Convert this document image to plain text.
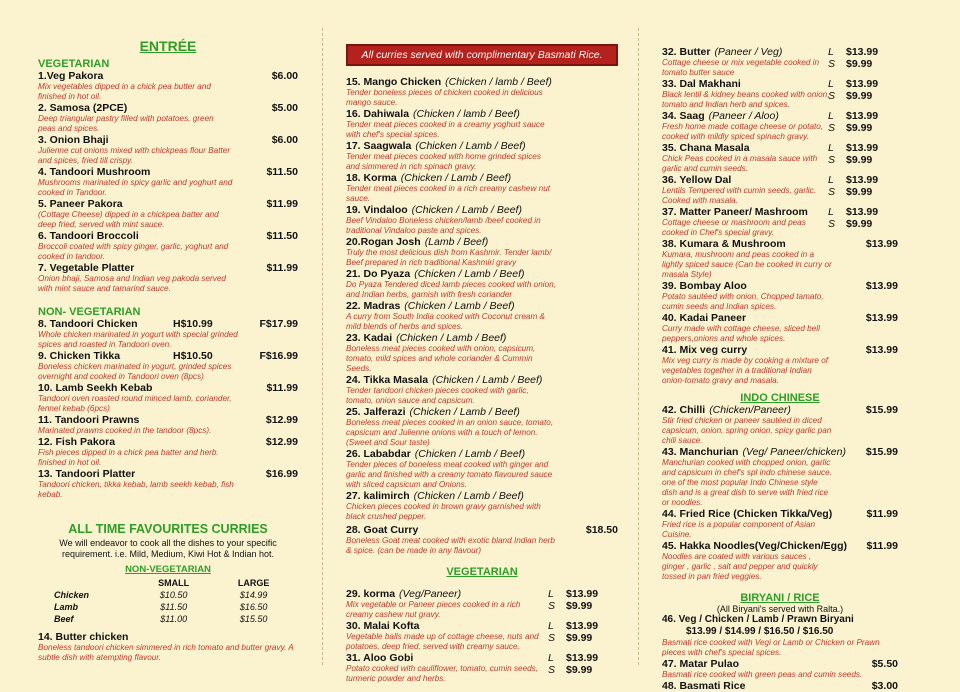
ENTRÉE
VEGETARIAN
1.Veg Pakora
Mix vegetables dipped in a chick pea butter and finished in hot oil.
$6.00
2. Samosa (2PCE)
Deep triangular pastry filled with potatoes, green peas and spices.
$5.00
3. Onion Bhaji
Julienne cut onions mixed with chickpeas flour Batter and spices, fried till crispy.
$6.00
4. Tandoori Mushroom
Mushrooms marinated in spicy garlic and yoghurt and cooked in Tandoor.
$11.50
5. Paneer Pakora
(Cottage Cheese) dipped in a chickpea batter and deep fried, served with mint sauce.
$11.99
6. Tandoori Broccoli
Broccoli coated with spicy ginger, garlic, yoghurt and cooked in tandoor.
$11.50
7. Vegetable Platter
Onion bhaji, Samosa and Indian veg pakoda served with mint sauce and tamarind sauce.
$11.99
NON- VEGETARIAN
8. Tandoori Chicken	H$10.99
Whole chicken marinated in yogurt with special grinded spices and roasted in Tandoori oven.
F$17.99
9. Chicken Tikka	H$10.50
Boneless chicken marinated in yogurt, grinded spices overnight and cooked in Tandoori oven (8pcs)
F$16.99
10. Lamb Seekh Kebab
Tandoori oven roasted round minced lamb, coriander, fennel kebab (6pcs)
$11.99
11. Tandoori Prawns
Marinated prawns cooked in the tandoor (8pcs).
$12.99
12. Fish Pakora
Fish pieces dipped in a chick pea batter and herb. finished in hot oil.
$12.99
13. Tandoori Platter
Tandoori chicken, tikka kebab, lamb seekh kebab, fish kebab.
$16.99
ALL TIME FAVOURITES CURRIES
We will endeavor to cook all the dishes to your specific requirement. i.e. Mild, Medium, Kiwi Hot & Indian hot.
NON-VEGETARIAN
	SMALL	LARGE
Chicken	$10.50	$14.99
Lamb	$11.50	$16.50
Beef	$11.00	$15.50
14. Butter chicken
Boneless tandoori chicken simmered in rich tomato and butter gravy. A subtle dish with atempting flavour.
All curries served with complimentary Basmati Rice.
15. Mango Chicken (Chicken / lamb / Beef)
Tender boneless pieces of chicken cooked in delicious mango sauce.
16. Dahiwala (Chicken / lamb / Beef)
Tender meat pieces cooked in a creamy yoghurt sauce with chef's special spices.
17. Saagwala (Chicken / Lamb / Beef)
Tender meat pieces cooked with home grinded spices and simmered in rich spinach gravy.
18. Korma (Chicken / Lamb / Beef)
Tender meat pieces cooked in a rich creamy cashew nut sauce.
19. Vindaloo (Chicken / Lamb / Beef)
Beef Vindaloo Boneless chicken/lamb /beef cooked in traditional Vindaloo paste and spices.
20.Rogan Josh (Lamb / Beef)
Truly the most delicious dish from Kashmir. Tender lamb/ Beef prepared in rich traditional Kashmiri gravy
21. Do Pyaza (Chicken / Lamb / Beef)
Do Pyaza Tendered diced lamb pieces cooked with onion, and Indian herbs, garnish with fresh coriander
22. Madras (Chicken / Lamb / Beef)
A curry from South India cooked with Coconut cream & mild blends of herbs and spices.
23. Kadai (Chicken / Lamb / Beef)
Boneless meat pieces cooked with onion, capsicum, tomato, mild spices and whole coriander & Cummin Seeds.
24. Tikka Masala (Chicken / Lamb / Beef)
Tender tandoori chicken pieces cooked with garlic, tomato, onion sauce and capsicum.
25. Jalferazi (Chicken / Lamb / Beef)
Boneless meat pieces cooked in an onion sauce, tomato, capsicum and Julienne onions with a touch of lemon. (Sweet and Sour taste)
26. Lababdar (Chicken / Lamb / Beef)
Tender pieces of boneless meat cooked with ginger and garlic and finished with a creamy tomato flavoured sauce with sliced capsicum and Onions.
27. kalimirch (Chicken / Lamb / Beef)
Chicken pieces cooked in brown gravy garnished with black crushed pepper.
28. Goat Curry
Boneless Goat meat cooked with exotic bland Indian herb & spice. (can be made in any flavour)
$18.50
VEGETARIAN
29. korma (Veg/Paneer)
Mix vegetable or Paneer pieces cooked in a rich creamy cashew nut gravy.
L $13.99
S $9.99
30. Malai Kofta
Vegetable balls made up of cottage cheese, nuts and potatoes, deep fried, served with creamy sauce.
L $13.99
S $9.99
31. Aloo Gobi
Potato cooked with cauliflower, tomato, cumin seeds, turmeric powder and herbs.
L $13.99
S $9.99
32. Butter (Paneer / Veg)
Cottage cheese or mix vegetable cooked in tomato butter sauce
L $13.99
S $9.99
33. Dal Makhani
Black lentil & kidney beans cooked with onion, tomato and Indian herb and spices.
L $13.99
S $9.99
34. Saag (Paneer / Aloo)
Fresh home made cottage cheese or potato, cooked with mildly spiced spinach gravy.
L $13.99
S $9.99
35. Chana Masala
Chick Peas cooked in a masala sauce with garlic and cumin seeds.
L $13.99
S $9.99
36. Yellow Dal
Lentils Tempered with cumin seeds, garlic. Cooked with masala.
L $13.99
S $9.99
37. Matter Paneer/ Mashroom
Cottage cheese or mashroom and peas cooked in Chef's special gravy.
L $13.99
S $9.99
38. Kumara & Mushroom
Kumara, mushroom and peas cooked in a lightly spiced sauce (Can be cooked in curry or masala Style)
$13.99
39. Bombay Aloo
Potato sautéed with onion, Chopped tamato, cumin seeds and Indian spices.
$13.99
40. Kadai Paneer
Curry made with cottage cheese, sliced bell peppers,onions and whole spices.
$13.99
41. Mix veg curry
Mix veg curry is made by cooking a mixture of vegetables together in a traditional Indian onion-tomato gravy and masala.
$13.99
INDO CHINESE
42. Chilli (Chicken/Paneer)
Stir fried chicken or paneer sautéed in diced capsicum, onion, spring onion, spicy garlic pan chili sauce.
$15.99
43. Manchurian (Veg/ Paneer/chicken)
Manchurian cooked with chopped onion, garlic and capsicum in chef's spl indo chinese sauce. one of the most popular Indo Chinese style dish and is a great dish to serve with fried rice or noodles.
$15.99
44. Fried Rice (Chicken Tikka/Veg)
Fried rice is a popular component of Asian Cuisine.
$11.99
45. Hakka Noodles(Veg/Chicken/Egg)
Noodles are coated with various sauces , ginger , garlic , salt and pepper and quickly tossed in pan fried veggies.
$11.99
BIRYANI / RICE
(All Biryani's served with Ralta.)
46. Veg / Chicken / Lamb / Prawn Biryani
$13.99 / $14.99 / $16.50 / $16.50
Basmati rice cooked with Vegi or Lamb or Chicken or Prawn pieces with chef's special spices.
47. Matar Pulao
Basmati rice cooked with green peas and cumin seeds.
$5.50
48. Basmati Rice	$3.00
